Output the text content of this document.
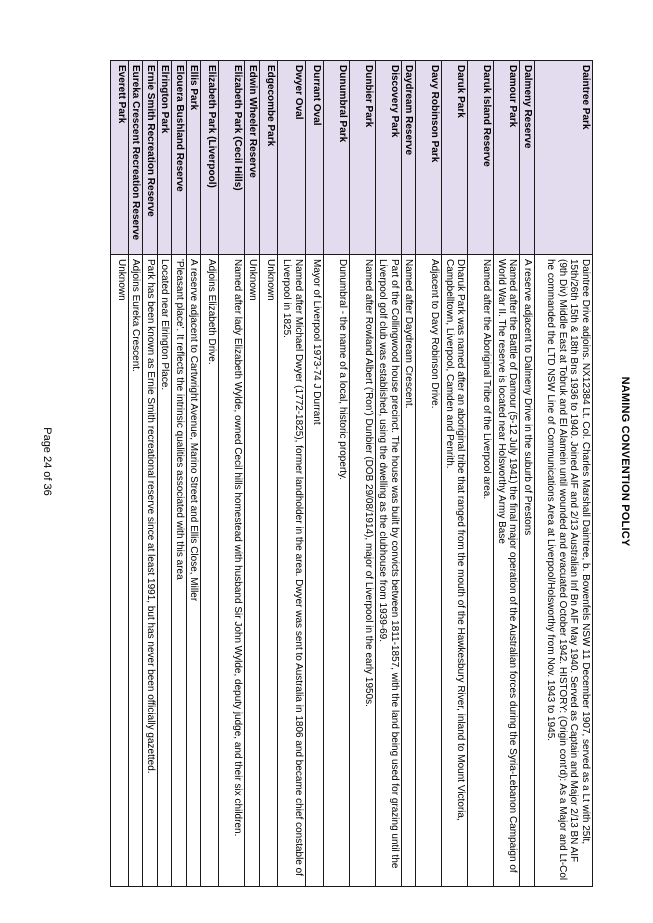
NAMING CONVENTION POLICY
Daintree Park	Daintree Drive adjoins. NX12384 Lt. Col. Charles Marshall Daintree, b. Bowenfels NSW 11 December 1907, served as a Lt with 25lt, 15th/26th 15th & 18th Bns 1936 to 1940. Joined AIF and 2/13 Australian Inf Bn AIF May 1940. Served as Captain and Major 2/13 BN AIF (9th Div) Middle East at Tobruk and El Alamein until wounded and evacuated October 1942. HISTORY: (Origin cont'd): As a Major and Lt-Col he commanded the LTD NSW Line of Communications Area at Liverpool/Holsworthy from Nov. 1943 to 1945.
Dalmeny Reserve	A reserve adjacent to Dalmeny Drive in the suburb of Prestons
Damour Park	Named after the Battle of Damour (5-12 July 1941) the final major operation of the Australian forces during the Syria-Lebanon Campaign of World War II. The reserve is located near Holsworthy Army Base
Daruk Island Reserve	Named after the Aboriginal Tribe of the Liverpool area.
Daruk Park	Dharuk Park was named after an aboriginal tribe that ranged from the mouth of the Hawkesbury River, inland to Mount Victoria, Campbelltown, Liverpool, Camden and Penrith.
Davy Robinson Park	Adjacent to Davy Robinson Drive.
Daydream Reserve	Named after Daydream Crescent.
Discovery Park	Part of the Collingwood house precinct. The house was built by convicts between 1811-1857, with the land being used for grazing until the Liverpool golf club was established, using the dwelling as the clubhouse from 1939-69.
Dunbier Park	Named after Rowland Albert ('Ron') Dunbier (DOB 29/08/1914), major of Liverpool in the early 1950s.
Dunumbral Park	Dunumbral - the name of a local, historic property.
Durrant Oval	Mayor of Liverpool 1973-74 J Durrant
Dwyer Oval	Named after Michael Dwyer (1772-1825), former landholder in the area. Dwyer was sent to Australia in 1806 and became chief constable of Liverpool in 1825.
Edgecombe Park	Unknown
Edwin Wheeler Reserve	Unknown
Elizabeth Park (Cecil Hills)	Named after lady Elizabeth Wylde, owned Cecil hills homestead with husband Sir John Wylde, deputy judge, and their six children.
Elizabeth Park (Liverpool)	Adjoins Elizabeth Drive.
Ellis Park	A reserve adjacent to Cartwright Avenue, Marino Street and Ellis Close, Miller
Elouera Bushland Reserve	'Pleasant place'. It reflects the intrinsic qualities associated with this area
Elrington Park	Located near Elrington Place.
Ernie Smith Recreation Reserve	Park has been known as Ernie Smith recreational reserve since at least 1991, but has never been officially gazetted.
Eureka Crescent Recreation Reserve	Adjoins Eureka Crescent.
Everett Park	Unknown
Page 24 of 36
